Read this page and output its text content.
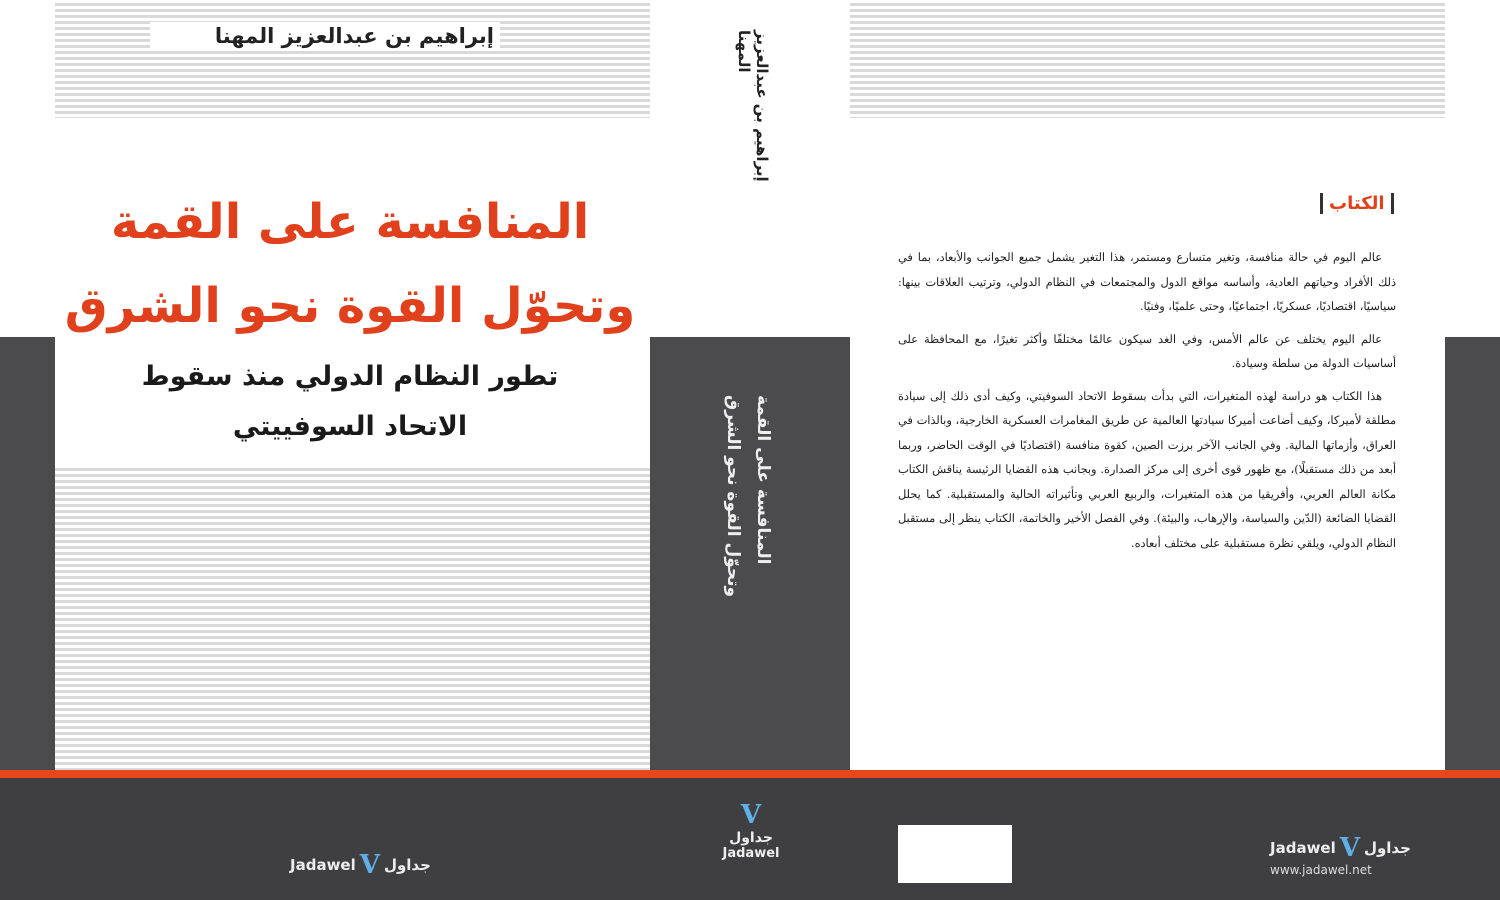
إبراهيم بن عبدالعزيز المهنا
المنافسة على القمة
وتحوّل القوة نحو الشرق
تطور النظام الدولي منذ سقوط
الاتحاد السوفييتي
إبراهيم بن عبدالعزيز المهنا
المنافسة على القمة
وتحوّل القوة نحو الشرق
الكتاب

عالم اليوم في حالة منافسة، وتغير متسارع ومستمر، هذا التغير يشمل جميع الجوانب والأبعاد، بما في ذلك الأفراد وحياتهم العادية، وأساسه مواقع الدول والمجتمعات في النظام الدولي، وترتيب العلاقات بينها: سياسيًا، اقتصاديًا، عسكريًا، اجتماعيًا، وحتى علميًا، وفنيًا.

عالم اليوم يختلف عن عالم الأمس، وفي الغد سيكون عالمًا مختلفًا وأكثر تغيرًا، مع المحافظة على أساسيات الدولة من سلطة وسيادة.

هذا الكتاب هو دراسة لهذه المتغيرات، التي بدأت بسقوط الاتحاد السوفيتي، وكيف أدى ذلك إلى سيادة مطلقة لأميركا، وكيف أضاعت أميركا سيادتها العالمية عن طريق المغامرات العسكرية الخارجية، وبالذات في العراق، وأزماتها المالية. وفي الجانب الآخر برزت الصين، كقوة منافسة (اقتصاديًا في الوقت الحاضر، وربما أبعد من ذلك مستقبلًا)، مع ظهور قوى أخرى إلى مركز الصدارة. وبجانب هذه القضايا الرئيسة يناقش الكتاب مكانة العالم العربي، وأفريقيا من هذه المتغيرات، والربيع العربي وتأثيراته الحالية والمستقبلية. كما يحلل القضايا الضائعة (الدّين والسياسة، والإرهاب، والبيئة). وفي الفصل الأخير والخاتمة، الكتاب ينظر إلى مستقبل النظام الدولي، ويلقي نظرة مستقبلية على مختلف أبعاده.

Jadawel V جداول
V
جداول
Jadawel	Jadawel V جداول
www.jadawel.net
